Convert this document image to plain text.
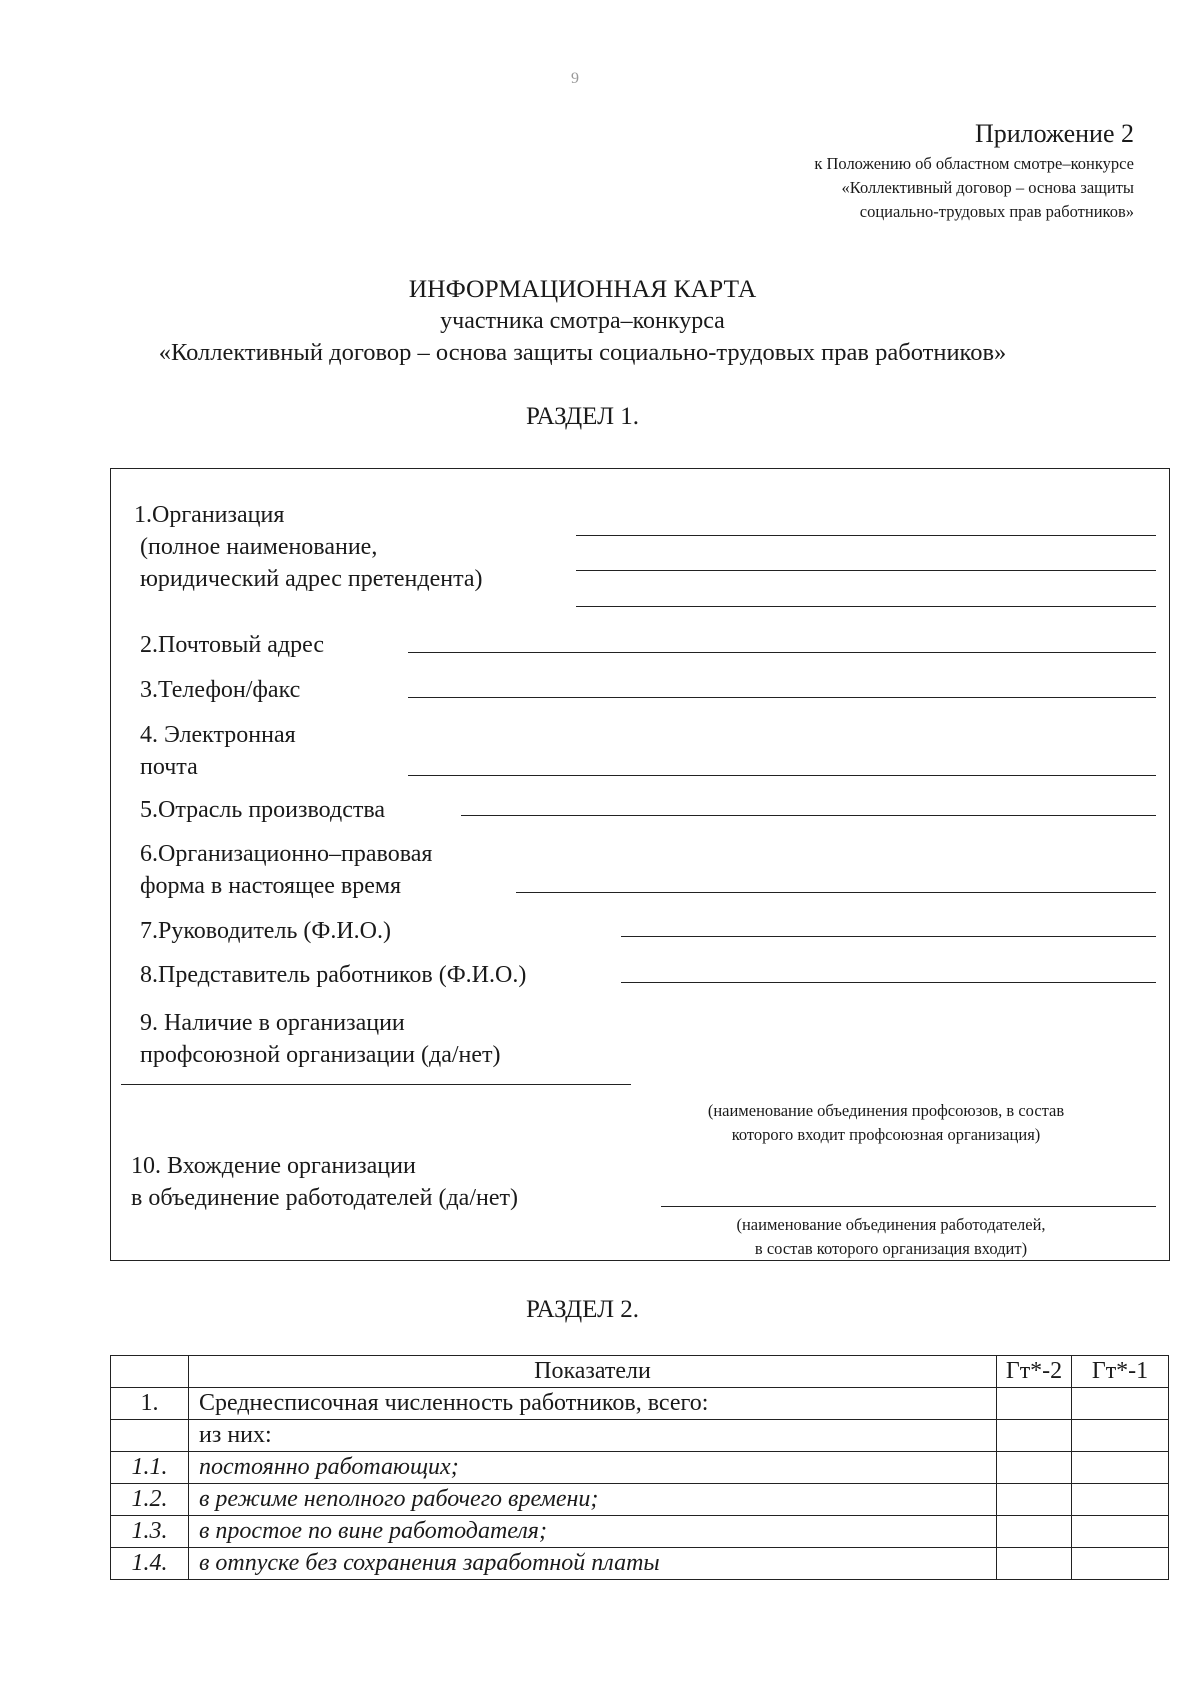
9
Приложение 2
к Положению об областном смотре–конкурсе
«Коллективный договор – основа защиты
социально-трудовых прав работников»
ИНФОРМАЦИОННАЯ КАРТА
участника смотра–конкурса
«Коллективный договор – основа защиты социально-трудовых прав работников»
РАЗДЕЛ 1.
1.Организация
(полное наименование,
юридический адрес претендента)
2.Почтовый адрес
3.Телефон/факс
4. Электронная
почта
5.Отрасль производства
6.Организационно–правовая
форма в настоящее время
7.Руководитель (Ф.И.О.)
8.Представитель работников (Ф.И.О.)
9. Наличие в организации
профсоюзной организации (да/нет)
(наименование объединения профсоюзов, в состав
которого входит профсоюзная организация)
10. Вхождение организации
в объединение работодателей (да/нет)
(наименование объединения работодателей,
в состав которого организация входит)
РАЗДЕЛ 2.
	Показатели	Гт*-2	Гт*-1
1.	Среднесписочная численность работников, всего:		
	из них:		
1.1.	постоянно работающих;		
1.2.	в режиме неполного рабочего времени;		
1.3.	в простое по вине работодателя;		
1.4.	в отпуске без сохранения заработной платы		
